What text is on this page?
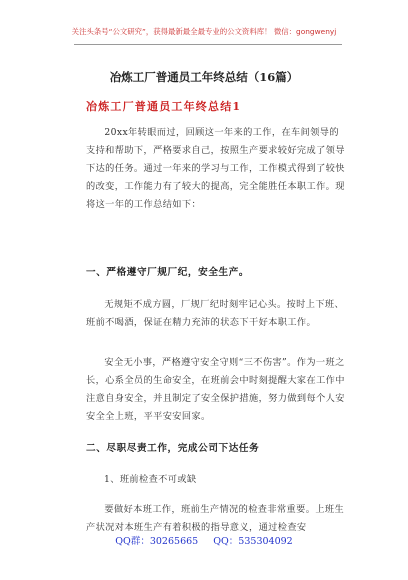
关注头条号“公文研究”，获得最新最全最专业的公文资料库！ 微信：gongwenyj
冶炼工厂普通员工年终总结（16篇）
冶炼工厂普通员工年终总结1

20xx年转眼而过，回顾这一年来的工作，在车间领导的支持和帮助下，严格要求自己，按照生产要求较好完成了领导下达的任务。通过一年来的学习与工作，工作模式得到了较快的改变，工作能力有了较大的提高，完全能胜任本职工作。现将这一年的工作总结如下：

一、严格遵守厂规厂纪，安全生产。

无规矩不成方圆，厂规厂纪时刻牢记心头。按时上下班、班前不喝酒，保证在精力充沛的状态下干好本职工作。

安全无小事，严格遵守安全守则“三不伤害”。作为一班之长，心系全员的生命安全，在班前会中时刻提醒大家在工作中注意自身安全，并且制定了安全保护措施，努力做到每个人安安全全上班，平平安安回家。

二、尽职尽责工作，完成公司下达任务
1、班前检查不可或缺

要做好本班工作，班前生产情况的检查非常重要。上班生产状况对本班生产有着积极的指导意义，通过检查安

QQ群：30265665 QQ：535304092
